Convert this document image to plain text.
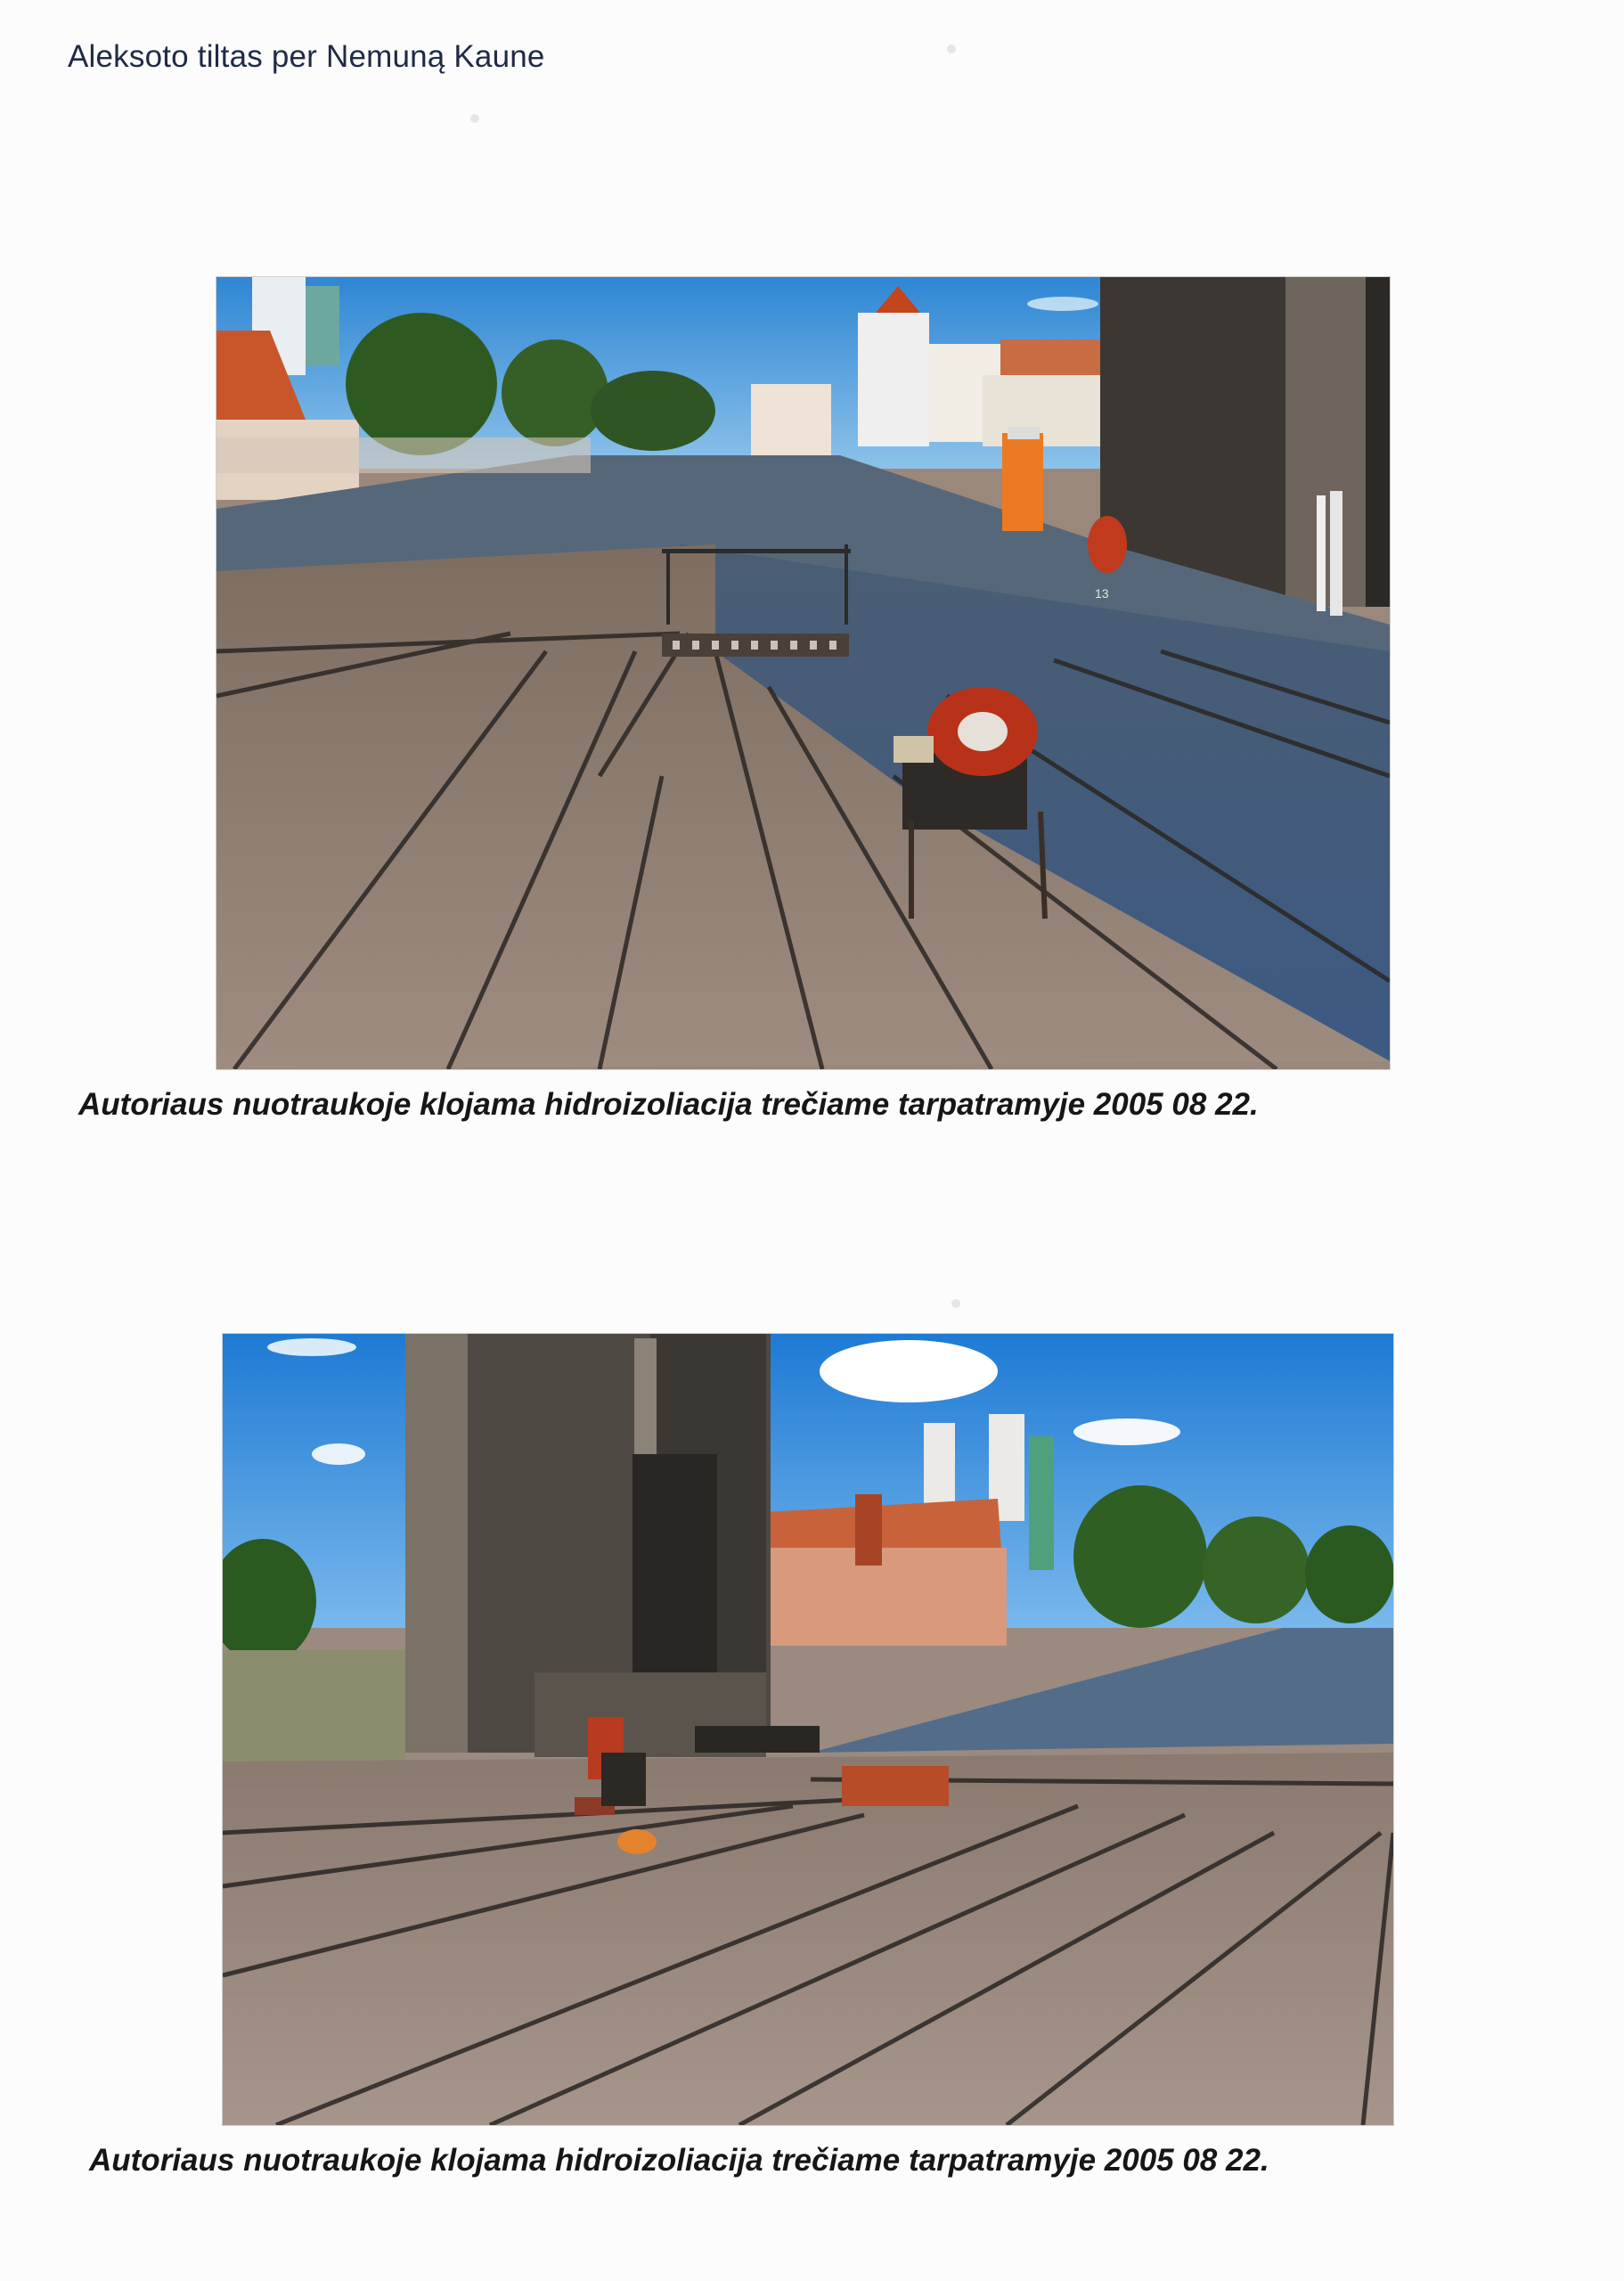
Aleksoto tiltas per Nemuną Kaune
13
Autoriaus nuotraukoje klojama hidroizoliacija trečiame tarpatramyje 2005 08 22.
Autoriaus nuotraukoje klojama hidroizoliacija trečiame tarpatramyje 2005 08 22.
